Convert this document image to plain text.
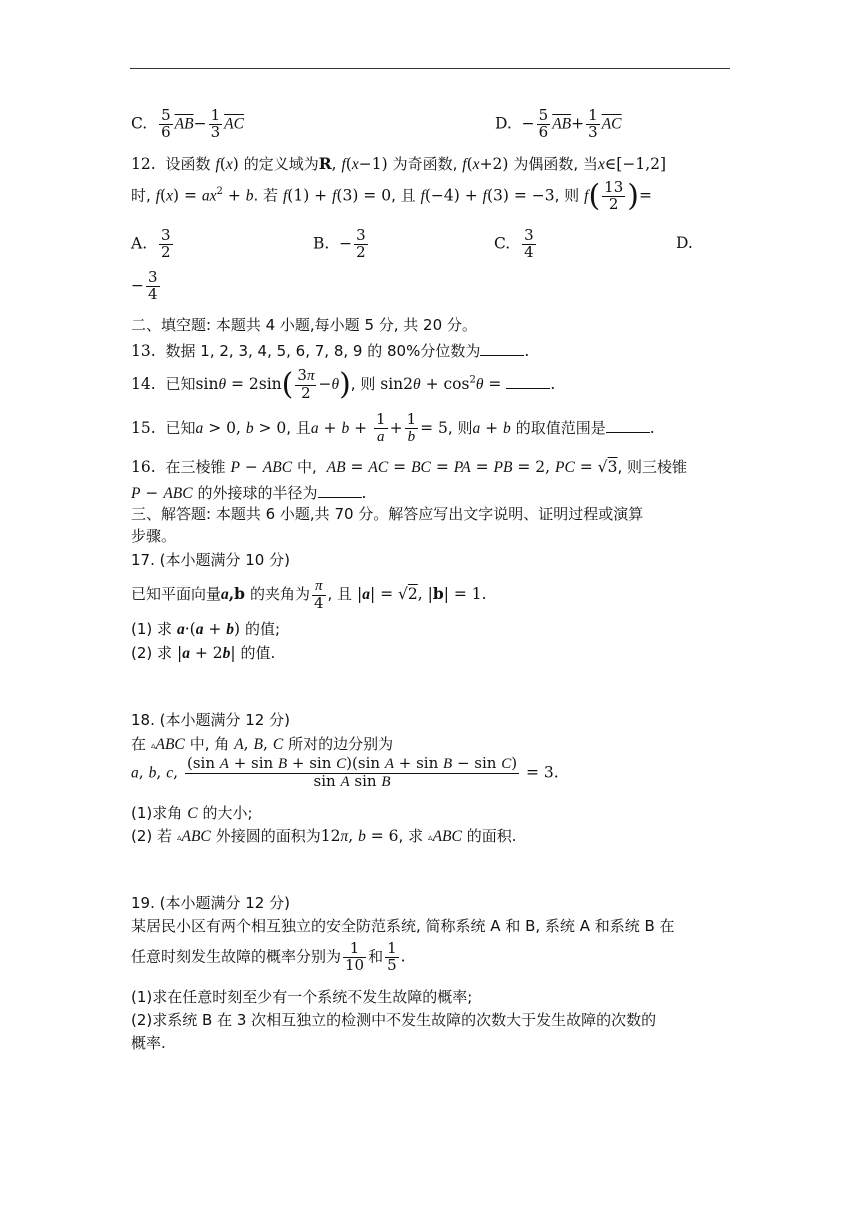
C. $\frac{5}{6} \overline{AB}- \frac{1}{3} \overline{AC}$	D.  − $\frac{5}{6} \overline{AB}+ \frac{1}{3} \overline{AC}$
12. 设函数 f(x) 的定义域为R, f(x−1) 为奇函数, f(x+2) 为偶函数, 当x∈[−1,2]
时, $f(x) = ax^2 + b$. 若 f(1) + f(3) = 0, 且 f(−4) + f(3) = −3, 则 $f( \frac{13}{2}$ )=
A. $\frac{3}{2}$	B.  − $\frac{3}{2}$	C. $\frac{3}{4}$	D.
− $\frac{3}{4}$
二、填空题: 本题共 4 小题,每小题 5 分, 共 20 分。
13. 数据 1, 2, 3, 4, 5, 6, 7, 8, 9 的 80%分位数为	.
14. 已知$\sin\theta = 2\sin( \frac{3\pi}{2} -\theta)$, 则 $\sin 2\theta + \cos^2\theta$ =	.
15. 已知a > 0, b > 0, 且$a + b + \frac{1}{a} + \frac{1}{b} = 5$, 则a + b 的取值范围是	.
16. 在三棱锥 P − ABC 中, AB = AC = BC = PA = PB = 2, PC = √3, 则三棱锥
P − ABC 的外接球的半径为	.
三、解答题: 本题共 6 小题,共 70 分。解答应写出文字说明、证明过程或演算
步骤。
17. (本小题满分 10 分)
已知平面向量a,b 的夹角为 $\frac{\pi}{4}$ , 且 |a| = √2, |b| = 1.
(1) 求 a·(a + b) 的值;
(2) 求 |a + 2b| 的值.
18. (本小题满分 12 分)
在 ▵ABC 中, 角 A, B, C 所对的边分别为
a, b, c, $\frac{\text{(sin A + sin B + sin C)(sin A + sin B − sin C)}}{\text{sin A sin B}} = 3$.
(1)求角 C 的大小;
(2) 若 ▵ABC 外接圆的面积为12π, b = 6, 求 ▵ABC 的面积.
19. (本小题满分 12 分)
某居民小区有两个相互独立的安全防范系统, 简称系统 A 和 B, 系统 A 和系统 B 在
任意时刻发生故障的概率分别为 $\frac{1}{10}$ 和 $\frac{1}{5}$ .
(1)求在任意时刻至少有一个系统不发生故障的概率;
(2)求系统 B 在 3 次相互独立的检测中不发生故障的次数大于发生故障的次数的
概率.
